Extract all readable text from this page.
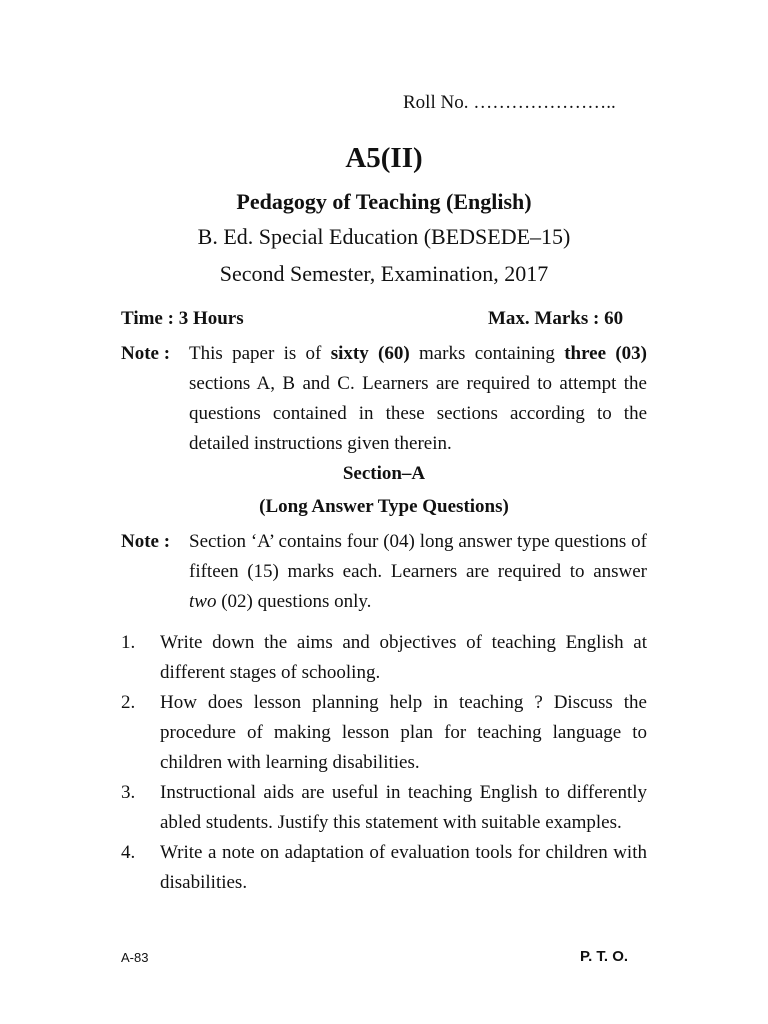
Roll No. …………………..
A5(II)
Pedagogy of Teaching (English)
B. Ed. Special Education (BEDSEDE–15)
Second Semester, Examination, 2017
Time : 3 Hours	Max. Marks : 60
Note : This paper is of sixty (60) marks containing three (03) sections A, B and C. Learners are required to attempt the questions contained in these sections according to the detailed instructions given therein.
Section–A
(Long Answer Type Questions)
Note : Section ‘A’ contains four (04) long answer type questions of fifteen (15) marks each. Learners are required to answer two (02) questions only.
1. Write down the aims and objectives of teaching English at different stages of schooling.
2. How does lesson planning help in teaching ? Discuss the procedure of making lesson plan for teaching language to children with learning disabilities.
3. Instructional aids are useful in teaching English to differently abled students. Justify this statement with suitable examples.
4. Write a note on adaptation of evaluation tools for children with disabilities.
A-83	P. T. O.
